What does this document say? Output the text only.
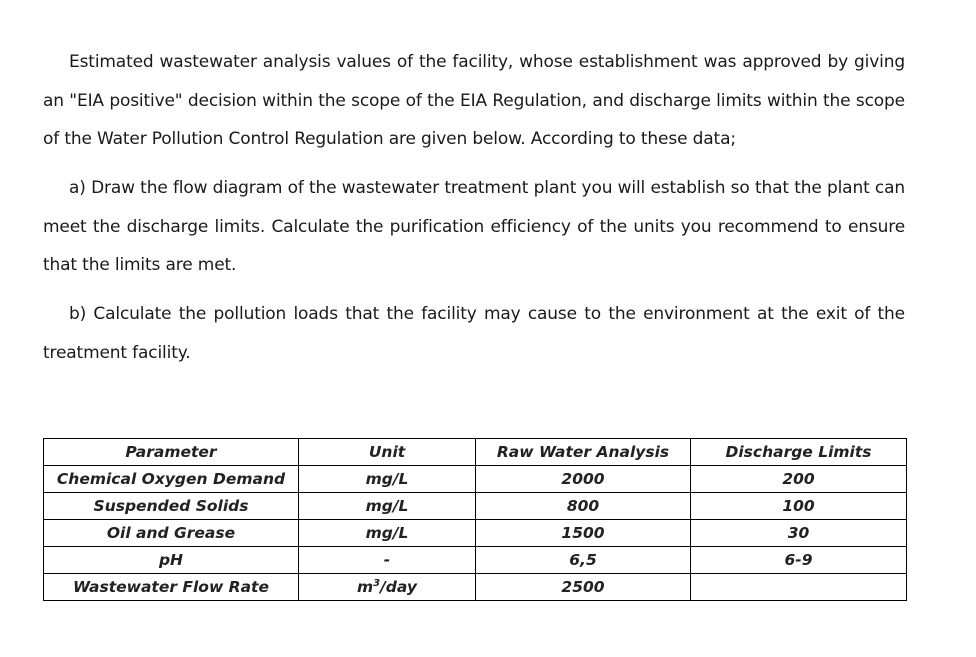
Estimated wastewater analysis values of the facility, whose establishment was approved by giving an "EIA positive" decision within the scope of the EIA Regulation, and discharge limits within the scope of the Water Pollution Control Regulation are given below. According to these data;

a) Draw the flow diagram of the wastewater treatment plant you will establish so that the plant can meet the discharge limits. Calculate the purification efficiency of the units you recommend to ensure that the limits are met.

b) Calculate the pollution loads that the facility may cause to the environment at the exit of the treatment facility.

Parameter	Unit	Raw Water Analysis	Discharge Limits
Chemical Oxygen Demand	mg/L	2000	200
Suspended Solids	mg/L	800	100
Oil and Grease	mg/L	1500	30
pH	-	6,5	6-9
Wastewater Flow Rate	$m^3$/day	2500	
